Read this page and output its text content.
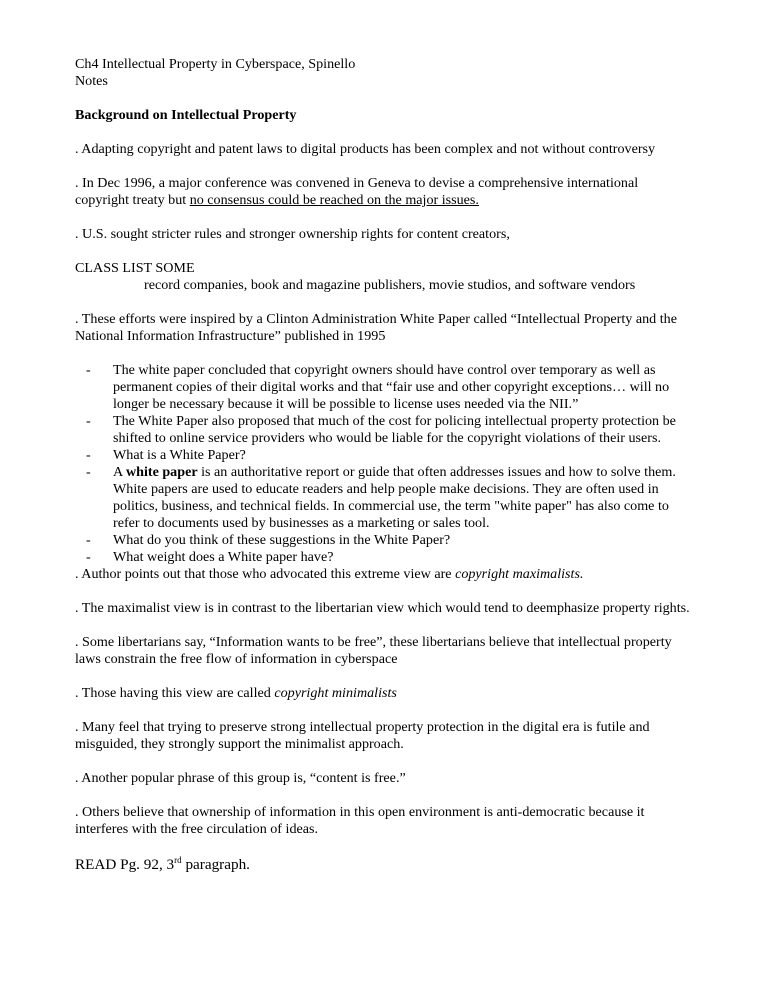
Ch4 Intellectual Property in Cyberspace, Spinello

Notes

Background on Intellectual Property

. Adapting copyright and patent laws to digital products has been complex and not without controversy

. In Dec 1996, a major conference was convened in Geneva to devise a comprehensive international copyright treaty but no consensus could be reached on the major issues.

. U.S. sought stricter rules and stronger ownership rights for content creators,

CLASS LIST SOME

record companies, book and magazine publishers, movie studios, and software vendors

. These efforts were inspired by a Clinton Administration White Paper called “Intellectual Property and the National Information Infrastructure” published in 1995

- The white paper concluded that copyright owners should have control over temporary as well as permanent copies of their digital works and that “fair use and other copyright exceptions… will no longer be necessary because it will be possible to license uses needed via the NII.”
- The White Paper also proposed that much of the cost for policing intellectual property protection be shifted to online service providers who would be liable for the copyright violations of their users.
- What is a White Paper?
- A white paper is an authoritative report or guide that often addresses issues and how to solve them. White papers are used to educate readers and help people make decisions. They are often used in politics, business, and technical fields. In commercial use, the term "white paper" has also come to refer to documents used by businesses as a marketing or sales tool.
- What do you think of these suggestions in the White Paper?
- What weight does a White paper have?

. Author points out that those who advocated this extreme view are copyright maximalists.

. The maximalist view is in contrast to the libertarian view which would tend to deemphasize property rights.

. Some libertarians say, “Information wants to be free”, these libertarians believe that intellectual property laws constrain the free flow of information in cyberspace

. Those having this view are called copyright minimalists

. Many feel that trying to preserve strong intellectual property protection in the digital era is futile and misguided, they strongly support the minimalist approach.

. Another popular phrase of this group is, “content is free.”

. Others believe that ownership of information in this open environment is anti-democratic because it interferes with the free circulation of ideas.

READ Pg. 92, 3rd paragraph.
